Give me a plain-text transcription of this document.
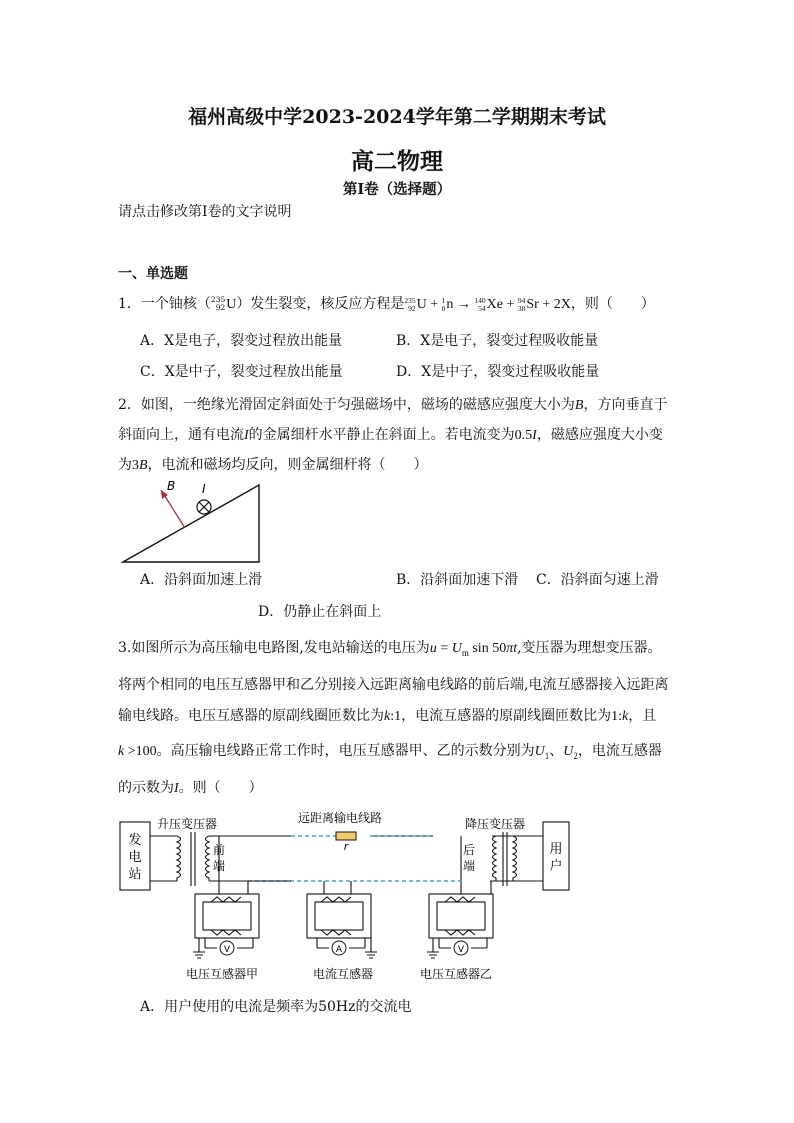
福州高级中学2023-2024学年第二学期期末考试
高二物理
第Ⅰ卷（选择题）
请点击修改第Ⅰ卷的文字说明
一、单选题
1．一个铀核（235
92U）发生裂变，核反应方程是235
92U + 1
0n → 140
54Xe + 94
38Sr + 2X，则（　　）
A．X是电子，裂变过程放出能量	B．X是电子，裂变过程吸收能量
C．X是中子，裂变过程放出能量	D．X是中子，裂变过程吸收能量
2．如图，一绝缘光滑固定斜面处于匀强磁场中，磁场的磁感应强度大小为B，方向垂直于
斜面向上，通有电流I的金属细杆水平静止在斜面上。若电流变为0.5I，磁感应强度大小变
为3B，电流和磁场均反向，则金属细杆将（　　）
B I
A．沿斜面加速上滑	B．沿斜面加速下滑 C．沿斜面匀速上滑
D．仍静止在斜面上
3.如图所示为高压输电电路图,发电站输送的电压为$u = U_m$ sin 50πt,变压器为理想变压器。
将两个相同的电压互感器甲和乙分别接入远距离输电线路的前后端,电流互感器接入远距离
输电线路。电压互感器的原副线圈匝数比为k:1，电流互感器的原副线圈匝数比为1:k，且
k >100。高压输电线路正常工作时，电压互感器甲、乙的示数分别为$U_1$、$U_2$，电流互感器
的示数为I。则（　　）
V	A	V
发
电
站
升压变压器	远距离输电线路
r
降压变压器
前
端
后
端
用
户
电压互感器甲	电流互感器	电压互感器乙
A．用户使用的电流是频率为50Hz的交流电
